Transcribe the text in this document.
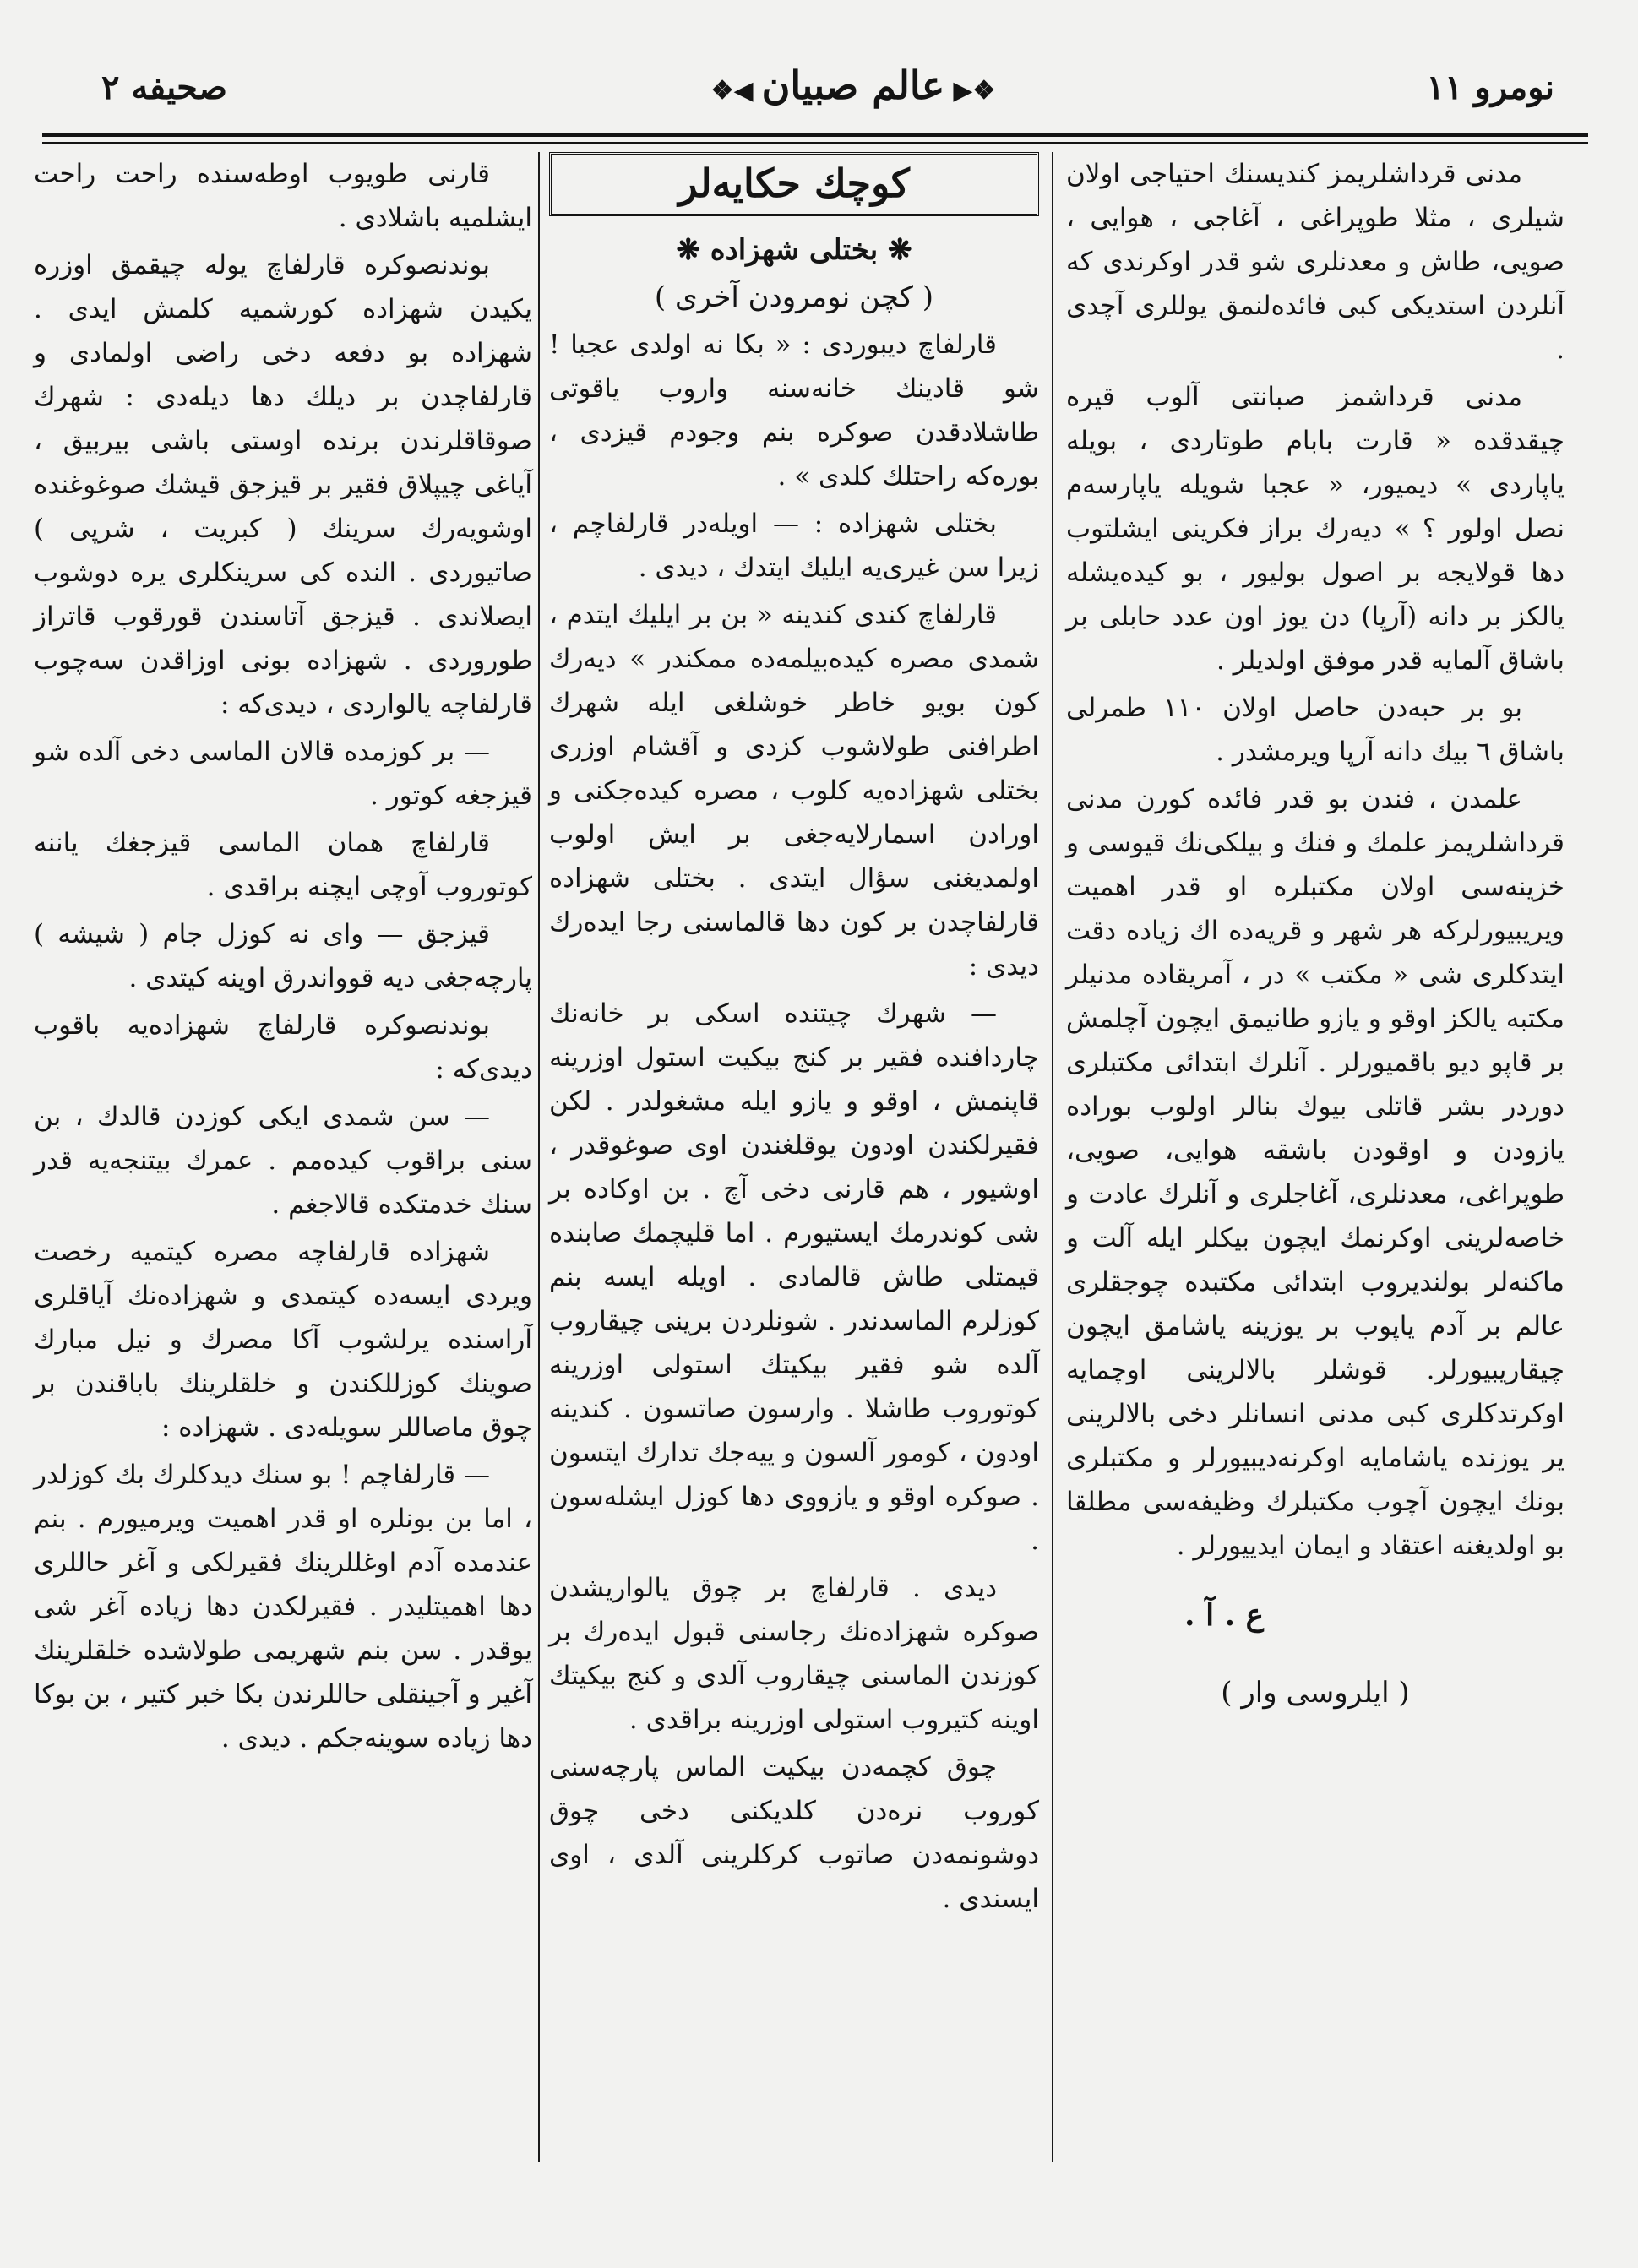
صحيفه ٢	❖▶عالم صبيان◀❖	نومرو ١١

مدنی قرداشلریمز کندیسنك احتیاجی اولان شیلری ، مثلا طوپراغی ، آغاجی ، هوایی ، صویی، طاش و معدنلری شو قدر اوکرندی که آنلردن استدیکی کبی فائده‌لنمق یوللری آچدی .

مدنی قرداشمز صبانتی آلوب قیره چیقدقده « قارت بابام طوتاردی ، بویله یاپاردی » دیمیور، « عجبا شویله یاپارسه‌م نصل اولور ؟ » دیه‌رك براز فکرینی ایشلتوب دها قولایجه بر اصول بولیور ، بو کیده‌یشله یالکز بر دانه (آرپا) دن یوز اون عدد حابلی بر باشاق آلمایه قدر موفق اولدیلر .

بو بر حبه‌دن حاصل اولان ۱۱۰ طمرلی باشاق ٦ بیك دانه آرپا ویرمشدر .

علمدن ، فندن بو قدر فائده کورن مدنی قرداشلریمز علمك و فنك و بیلکی‌نك قیوسی و خزینه‌سی اولان مکتبلره او قدر اهمیت ویریبیورلرکه هر شهر و قریه‌ده اك زیاده دقت ایتدکلری شی « مکتب » در ، آمریقاده مدنیلر مکتبه یالکز اوقو و یازو طانیمق ایچون آچلمش بر قاپو دیو باقمیورلر . آنلرك ابتدائی مکتبلری دوردر بشر قاتلی بیوك بنالر اولوب بوراده یازودن و اوقودن باشقه هوایی، صویی، طوپراغی، معدنلری، آغاجلری و آنلرك عادت و خاصه‌لرینی اوکرنمك ایچون بیکلر ایله آلت و ماکنه‌لر بولندیروب ابتدائی مکتبده چوجقلری عالم بر آدم یاپوب بر یوزینه یاشامق ایچون چیقاریبیورلر. قوشلر بالالرینی اوچمایه اوکرتدکلری کبی مدنی انسانلر دخی بالالرینی یر یوزنده یاشامایه اوکرنه‌دیبیورلر و مکتبلری بونك ایچون آچوب مکتبلرك وظیفه‌سی مطلقا بو اولدیغنه اعتقاد و ایمان ایدییورلر .

ع . آ .

( ایلروسی وار )

كوچك حكايه‌لر

❋ بختلی شهزاده ❋

( کچن نومرودن آخری )

قارلفاچ دیبوردی : « بکا نه اولدی عجبا ! شو قادینك خانه‌سنه واروب یاقوتی طاشلادقدن صوکره بنم وجودم قیزدی ، بوره‌که راحتلك کلدی » .

بختلی شهزاده : — اویله‌در قارلفاچم ، زیرا سن غیری‌یه ایلیك ایتدك ، دیدی .

قارلفاچ کندی کندینه « بن بر ایلیك ایتدم ، شمدی مصره کیده‌بیلمه‌ده ممکندر » دیه‌رك کون بویو خاطر خوشلغی ایله شهرك اطرافنی طولاشوب کزدی و آقشام اوزری بختلی شهزاده‌یه کلوب ، مصره کیده‌جکنی و اورادن اسمارلایه‌جغی بر ایش اولوب اولمدیغنی سؤال ایتدی . بختلی شهزاده قارلفاچدن بر کون دها قالماسنی رجا ایده‌رك دیدی :

— شهرك چیتنده اسکی بر خانه‌نك چاردافنده فقیر بر کنج بیکیت استول اوزرینه قاپنمش ، اوقو و یازو ایله مشغولدر . لکن فقیرلکندن اودون یوقلغندن اوی صوغوقدر ، اوشیور ، هم قارنی دخی آچ . بن اوکاده بر شی کوندرمك ایستیورم . اما قلیچمك صابنده قیمتلی طاش قالمادی . اویله ایسه بنم کوزلرم الماسدندر . شونلردن برینی چیقاروب آلده شو فقیر بیکیتك استولی اوزرینه کوتوروب طاشلا . وارسون صاتسون . کندینه اودون ، کومور آلسون و ییه‌جك تدارك ایتسون . صوکره اوقو و یازووی دها کوزل ایشله‌سون .

دیدی . قارلفاچ بر چوق یالواریشدن صوکره شهزاده‌نك رجاسنی قبول ایده‌رك بر کوزندن الماسنی چیقاروب آلدی و کنج بیکیتك اوینه کتیروب استولی اوزرینه براقدی .

چوق کچمه‌دن بیکیت الماس پارچه‌سنی کوروب نره‌دن کلدیکنی دخی چوق دوشونمه‌دن صاتوب کرکلرینی آلدی ، اوی ایسندی .

قارنی طویوب اوطه‌سنده راحت راحت ایشلمیه باشلادی .

بوندنصوکره قارلفاچ یوله چیقمق اوزره یکیدن شهزاده کورشمیه کلمش ایدی . شهزاده بو دفعه دخی راضی اولمادی و قارلفاچدن بر دیلك دها دیله‌دی : شهرك صوقاقلرندن برنده اوستی باشی بیربیق ، آیاغی چیپلاق فقیر بر قیزجق قیشك صوغوغنده اوشویه‌رك سرینك ( کبریت ، شرپی ) صاتیوردی . النده کی سرینکلری یره دوشوب ایصلاندی . قیزجق آتاسندن قورقوب قاتراز طوروردی . شهزاده بونی اوزاقدن سه‌چوب قارلفاچه یالواردی ، دیدی‌که :

— بر کوزمده قالان الماسی دخی آلده شو قیزجغه کوتور .

قارلفاچ همان الماسی قیزجغك یاننه کوتوروب آوچی ایچنه براقدی .

قیزجق — وای نه کوزل جام ( شیشه ) پارچه‌جغی دیه قوواندرق اوینه کیتدی .

بوندنصوکره قارلفاچ شهزاده‌یه باقوب دیدی‌که :

— سن شمدی ایکی کوزدن قالدك ، بن سنی براقوب کیده‌مم . عمرك بیتنجه‌یه قدر سنك خدمتکده قالاجغم .

شهزاده قارلفاچه مصره کیتمیه رخصت ویردی ایسه‌ده کیتمدی و شهزاده‌نك آیاقلری آراسنده یرلشوب آکا مصرك و نیل مبارك صوینك کوزللکندن و خلقلرینك باباقندن بر چوق ماصاللر سویله‌دی . شهزاده :

— قارلفاچم ! بو سنك دیدکلرك بك کوزلدر ، اما بن بونلره او قدر اهمیت ویرمیورم . بنم عندمده آدم اوغللرینك فقیرلکی و آغر حاللری دها اهمیتلیدر . فقیرلکدن دها زیاده آغر شی یوقدر . سن بنم شهریمی طولاشده خلقلرینك آغیر و آجینقلی حاللرندن بکا خبر کتیر ، بن بوکا دها زیاده سوینه‌جکم . دیدی .
